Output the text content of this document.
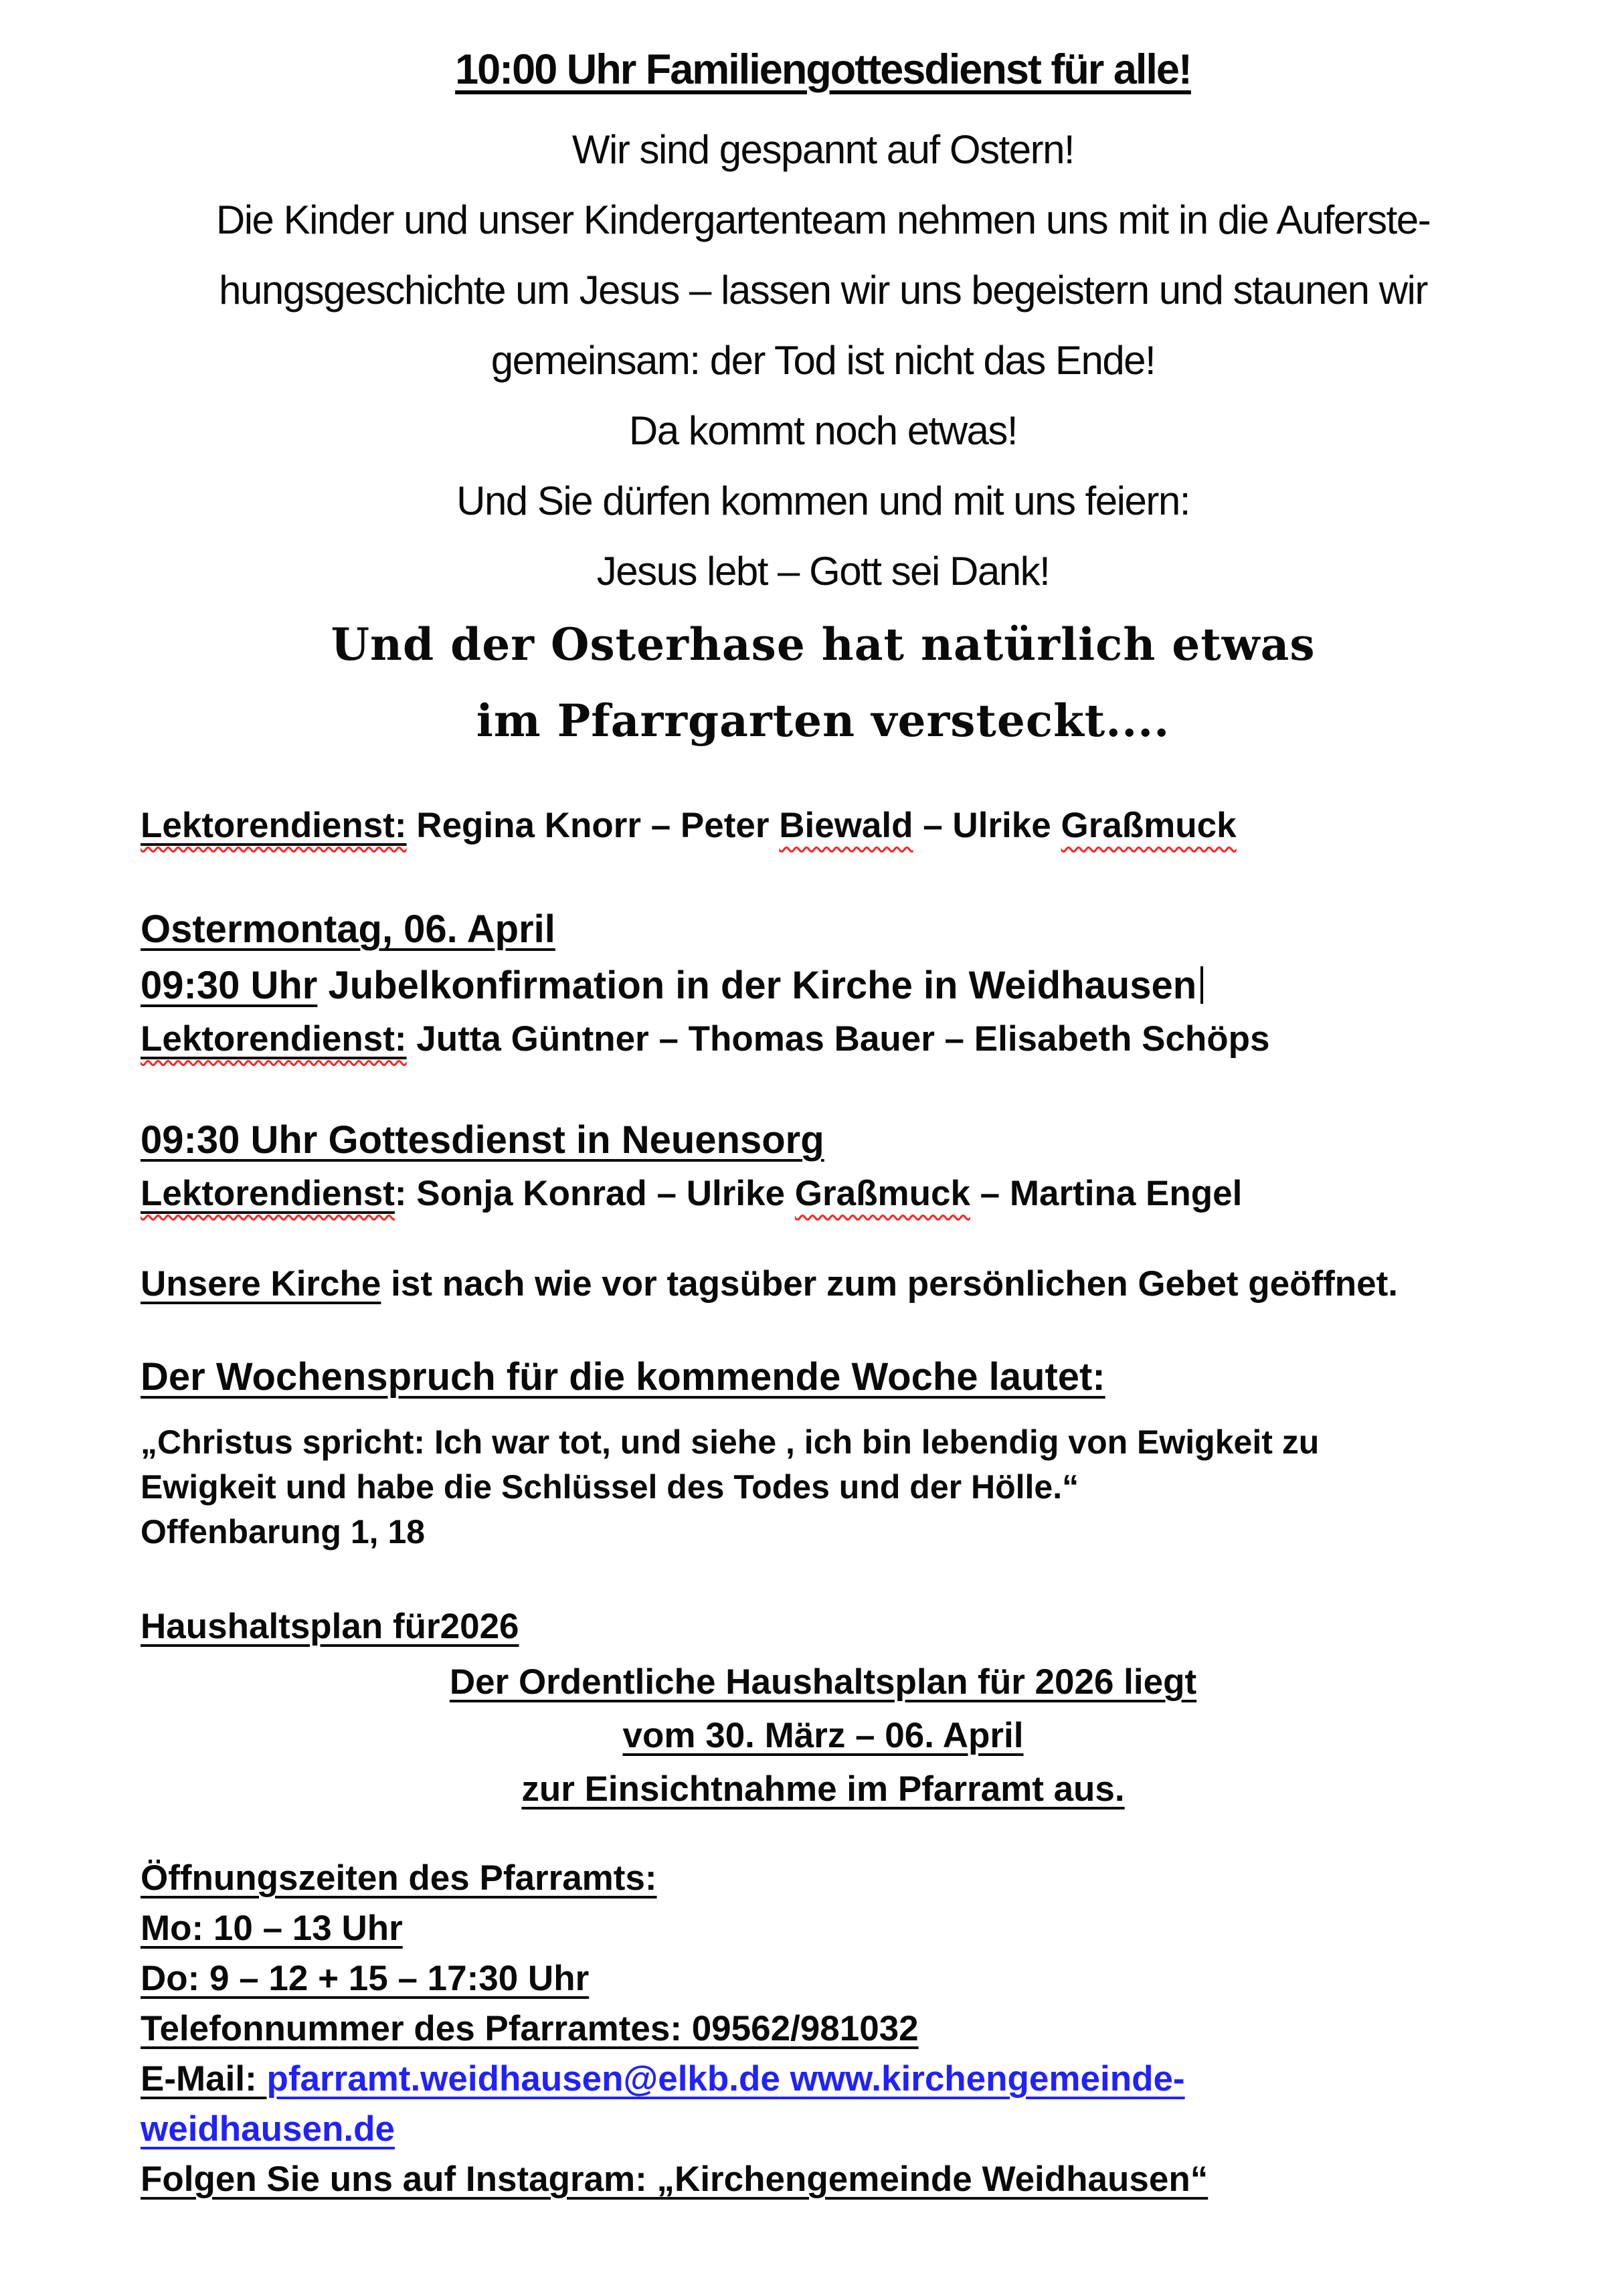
10:00 Uhr Familiengottesdienst für alle!
Wir sind gespannt auf Ostern!
Die Kinder und unser Kindergartenteam nehmen uns mit in die Auferste-
hungsgeschichte um Jesus – lassen wir uns begeistern und staunen wir
gemeinsam: der Tod ist nicht das Ende!
Da kommt noch etwas!
Und Sie dürfen kommen und mit uns feiern:
Jesus lebt – Gott sei Dank!
Und der Osterhase hat natürlich etwas
im Pfarrgarten versteckt....
Lektorendienst: Regina Knorr – Peter Biewald – Ulrike Graßmuck
Ostermontag, 06. April
09:30 Uhr Jubelkonfirmation in der Kirche in Weidhausen
Lektorendienst: Jutta Güntner – Thomas Bauer – Elisabeth Schöps
09:30 Uhr Gottesdienst in Neuensorg
Lektorendienst: Sonja Konrad – Ulrike Graßmuck – Martina Engel
Unsere Kirche ist nach wie vor tagsüber zum persönlichen Gebet geöffnet.
Der Wochenspruch für die kommende Woche lautet:
„Christus spricht: Ich war tot, und siehe , ich bin lebendig von Ewigkeit zu
Ewigkeit und habe die Schlüssel des Todes und der Hölle.“
Offenbarung 1, 18
Haushaltsplan für2026
Der Ordentliche Haushaltsplan für 2026 liegt
vom 30. März – 06. April
zur Einsichtnahme im Pfarramt aus.
Öffnungszeiten des Pfarramts:
Mo: 10 – 13 Uhr
Do: 9 – 12 + 15 – 17:30 Uhr
Telefonnummer des Pfarramtes: 09562/981032
E-Mail: pfarramt.weidhausen@elkb.de www.kirchengemeinde-
weidhausen.de
Folgen Sie uns auf Instagram: „Kirchengemeinde Weidhausen“
